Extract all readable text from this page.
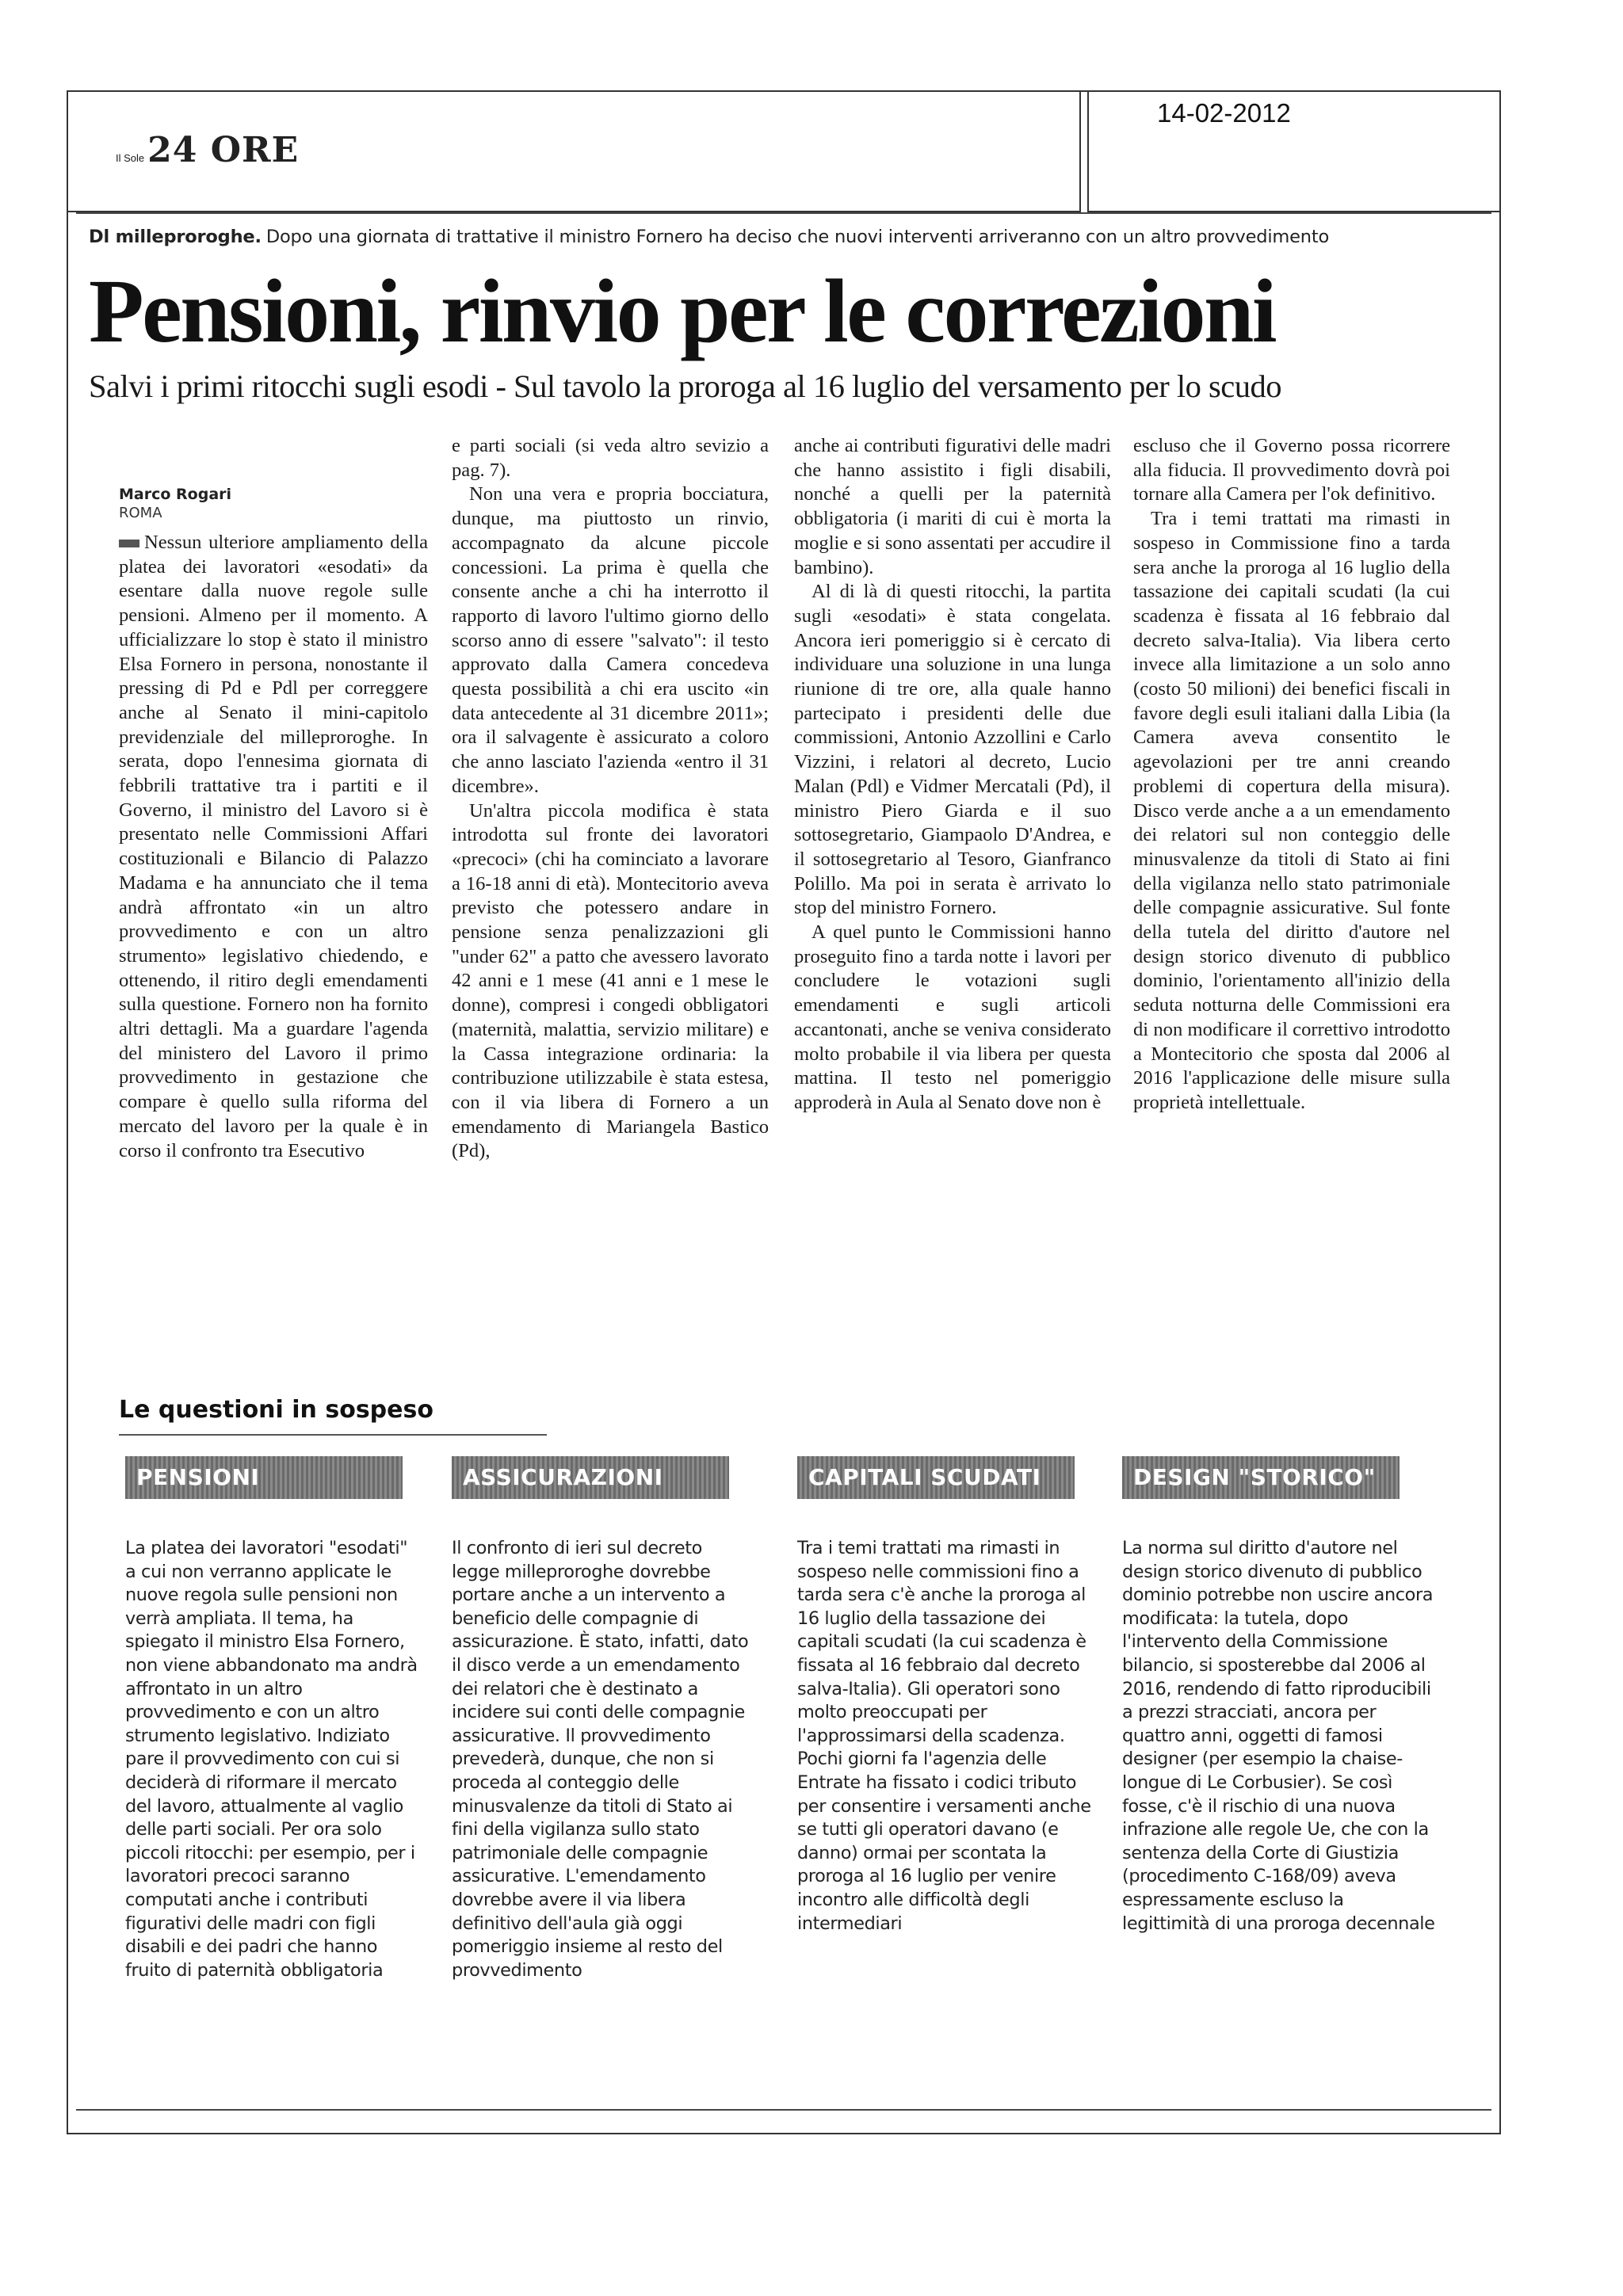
Il Sole 24 ORE
14-02-2012
Dl milleproroghe. Dopo una giornata di trattative il ministro Fornero ha deciso che nuovi interventi arriveranno con un altro provvedimento
Pensioni, rinvio per le correzioni
Salvi i primi ritocchi sugli esodi - Sul tavolo la proroga al 16 luglio del versamento per lo scudo
Marco Rogari
ROMA

Nessun ulteriore ampliamento della platea dei lavoratori «esodati» da esentare dalla nuove regole sulle pensioni. Almeno per il momento. A ufficializzare lo stop è stato il ministro Elsa Fornero in persona, nonostante il pressing di Pd e Pdl per correggere anche al Senato il mini-capitolo previdenziale del milleproroghe. In serata, dopo l'ennesima giornata di febbrili trattative tra i partiti e il Governo, il ministro del Lavoro si è presentato nelle Commissioni Affari costituzionali e Bilancio di Palazzo Madama e ha annunciato che il tema andrà affrontato «in un altro provvedimento e con un altro strumento» legislativo chiedendo, e ottenendo, il ritiro degli emendamenti sulla questione. Fornero non ha fornito altri dettagli. Ma a guardare l'agenda del ministero del Lavoro il primo provvedimento in gestazione che compare è quello sulla riforma del mercato del lavoro per la quale è in corso il confronto tra Esecutivo

e parti sociali (si veda altro sevizio a pag. 7).

Non una vera e propria bocciatura, dunque, ma piuttosto un rinvio, accompagnato da alcune piccole concessioni. La prima è quella che consente anche a chi ha interrotto il rapporto di lavoro l'ultimo giorno dello scorso anno di essere "salvato": il testo approvato dalla Camera concedeva questa possibilità a chi era uscito «in data antecedente al 31 dicembre 2011»; ora il salvagente è assicurato a coloro che anno lasciato l'azienda «entro il 31 dicembre».

Un'altra piccola modifica è stata introdotta sul fronte dei lavoratori «precoci» (chi ha cominciato a lavorare a 16-18 anni di età). Montecitorio aveva previsto che potessero andare in pensione senza penalizzazioni gli "under 62" a patto che avessero lavorato 42 anni e 1 mese (41 anni e 1 mese le donne), compresi i congedi obbligatori (maternità, malattia, servizio militare) e la Cassa integrazione ordinaria: la contribuzione utilizzabile è stata estesa, con il via libera di Fornero a un emendamento di Mariangela Bastico (Pd),

anche ai contributi figurativi delle madri che hanno assistito i figli disabili, nonché a quelli per la paternità obbligatoria (i mariti di cui è morta la moglie e si sono assentati per accudire il bambino).

Al di là di questi ritocchi, la partita sugli «esodati» è stata congelata. Ancora ieri pomeriggio si è cercato di individuare una soluzione in una lunga riunione di tre ore, alla quale hanno partecipato i presidenti delle due commissioni, Antonio Azzollini e Carlo Vizzini, i relatori al decreto, Lucio Malan (Pdl) e Vidmer Mercatali (Pd), il ministro Piero Giarda e il suo sottosegretario, Giampaolo D'Andrea, e il sottosegretario al Tesoro, Gianfranco Polillo. Ma poi in serata è arrivato lo stop del ministro Fornero.

A quel punto le Commissioni hanno proseguito fino a tarda notte i lavori per concludere le votazioni sugli emendamenti e sugli articoli accantonati, anche se veniva considerato molto probabile il via libera per questa mattina. Il testo nel pomeriggio approderà in Aula al Senato dove non è

escluso che il Governo possa ricorrere alla fiducia. Il provvedimento dovrà poi tornare alla Camera per l'ok definitivo.

Tra i temi trattati ma rimasti in sospeso in Commissione fino a tarda sera anche la proroga al 16 luglio della tassazione dei capitali scudati (la cui scadenza è fissata al 16 febbraio dal decreto salva-Italia). Via libera certo invece alla limitazione a un solo anno (costo 50 milioni) dei benefici fiscali in favore degli esuli italiani dalla Libia (la Camera aveva consentito le agevolazioni per tre anni creando problemi di copertura della misura). Disco verde anche a a un emendamento dei relatori sul non conteggio delle minusvalenze da titoli di Stato ai fini della vigilanza nello stato patrimoniale delle compagnie assicurative. Sul fonte della tutela del diritto d'autore nel design storico divenuto di pubblico dominio, l'orientamento all'inizio della seduta notturna delle Commissioni era di non modificare il correttivo introdotto a Montecitorio che sposta dal 2006 al 2016 l'applicazione delle misure sulla proprietà intellettuale.

Le questioni in sospeso
PENSIONI	ASSICURAZIONI	CAPITALI SCUDATI	DESIGN "STORICO"
La platea dei lavoratori "esodati" a cui non verranno applicate le nuove regola sulle pensioni non verrà ampliata. Il tema, ha spiegato il ministro Elsa Fornero, non viene abbandonato ma andrà affrontato in un altro provvedimento e con un altro strumento legislativo. Indiziato pare il provvedimento con cui si deciderà di riformare il mercato del lavoro, attualmente al vaglio delle parti sociali. Per ora solo piccoli ritocchi: per esempio, per i lavoratori precoci saranno computati anche i contributi figurativi delle madri con figli disabili e dei padri che hanno fruito di paternità obbligatoria
Il confronto di ieri sul decreto legge milleproroghe dovrebbe portare anche a un intervento a beneficio delle compagnie di assicurazione. È stato, infatti, dato il disco verde a un emendamento dei relatori che è destinato a incidere sui conti delle compagnie assicurative. Il provvedimento prevederà, dunque, che non si proceda al conteggio delle minusvalenze da titoli di Stato ai fini della vigilanza sullo stato patrimoniale delle compagnie assicurative. L'emendamento dovrebbe avere il via libera definitivo dell'aula già oggi pomeriggio insieme al resto del provvedimento
Tra i temi trattati ma rimasti in sospeso nelle commissioni fino a tarda sera c'è anche la proroga al 16 luglio della tassazione dei capitali scudati (la cui scadenza è fissata al 16 febbraio dal decreto salva-Italia). Gli operatori sono molto preoccupati per l'approssimarsi della scadenza. Pochi giorni fa l'agenzia delle Entrate ha fissato i codici tributo per consentire i versamenti anche se tutti gli operatori davano (e danno) ormai per scontata la proroga al 16 luglio per venire incontro alle difficoltà degli intermediari
La norma sul diritto d'autore nel design storico divenuto di pubblico dominio potrebbe non uscire ancora modificata: la tutela, dopo l'intervento della Commissione bilancio, si sposterebbe dal 2006 al 2016, rendendo di fatto riproducibili a prezzi stracciati, ancora per quattro anni, oggetti di famosi designer (per esempio la chaise-longue di Le Corbusier). Se così fosse, c'è il rischio di una nuova infrazione alle regole Ue, che con la sentenza della Corte di Giustizia (procedimento C-168/09) aveva espressamente escluso la legittimità di una proroga decennale
